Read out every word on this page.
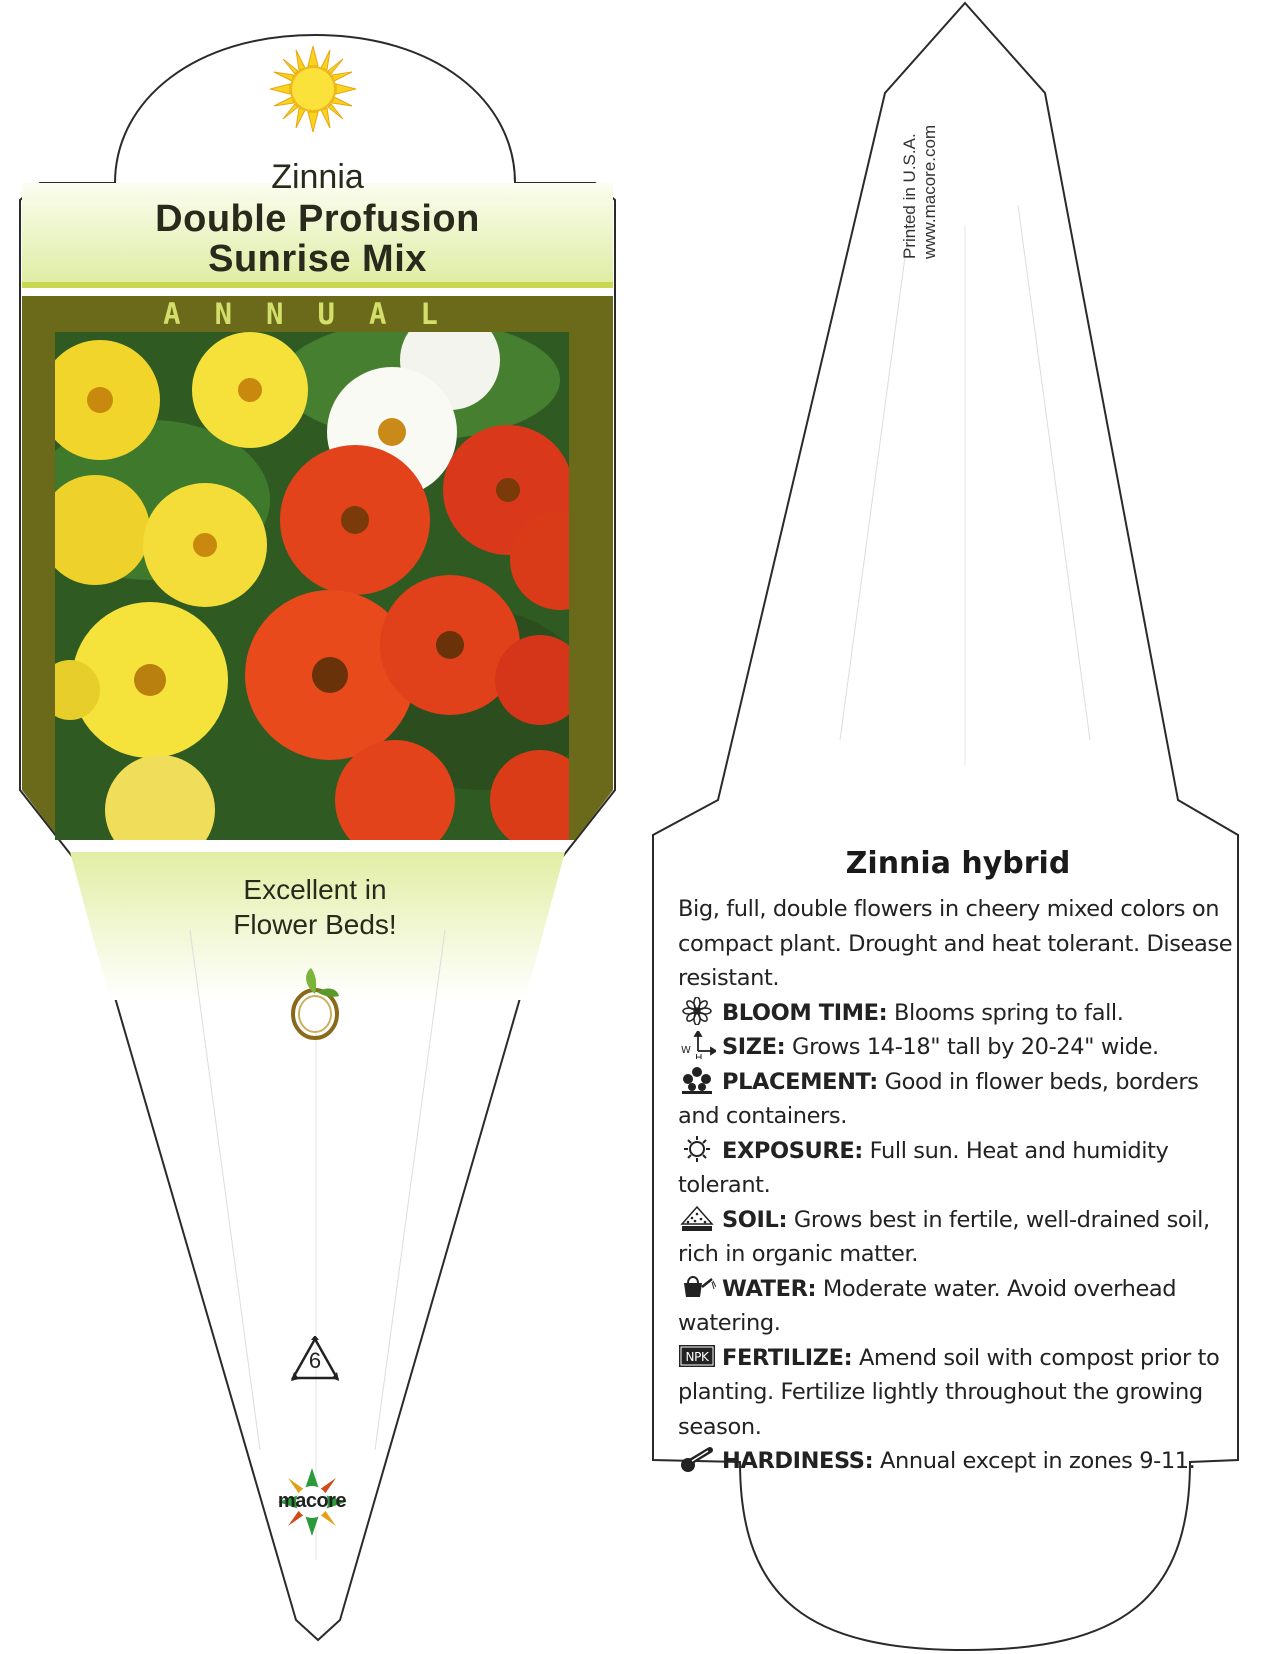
Zinnia
Double Profusion
Sunrise Mix
ANNUAL
Excellent in
Flower Beds!
6
macore
Printed in U.S.A. www.macore.com
Zinnia hybrid
Big, full, double flowers in cheery mixed colors on compact plant. Drought and heat tolerant. Disease resistant.
BLOOM TIME: Blooms spring to fall.
W
H SIZE: Grows 14-18" tall by 20-24" wide.
PLACEMENT: Good in flower beds, borders and containers.
EXPOSURE: Full sun. Heat and humidity tolerant.
SOIL: Grows best in fertile, well-drained soil, rich in organic matter.
WATER: Moderate water. Avoid overhead watering.
NPK FERTILIZE: Amend soil with compost prior to planting. Fertilize lightly throughout the growing season.
HARDINESS: Annual except in zones 9-11.
